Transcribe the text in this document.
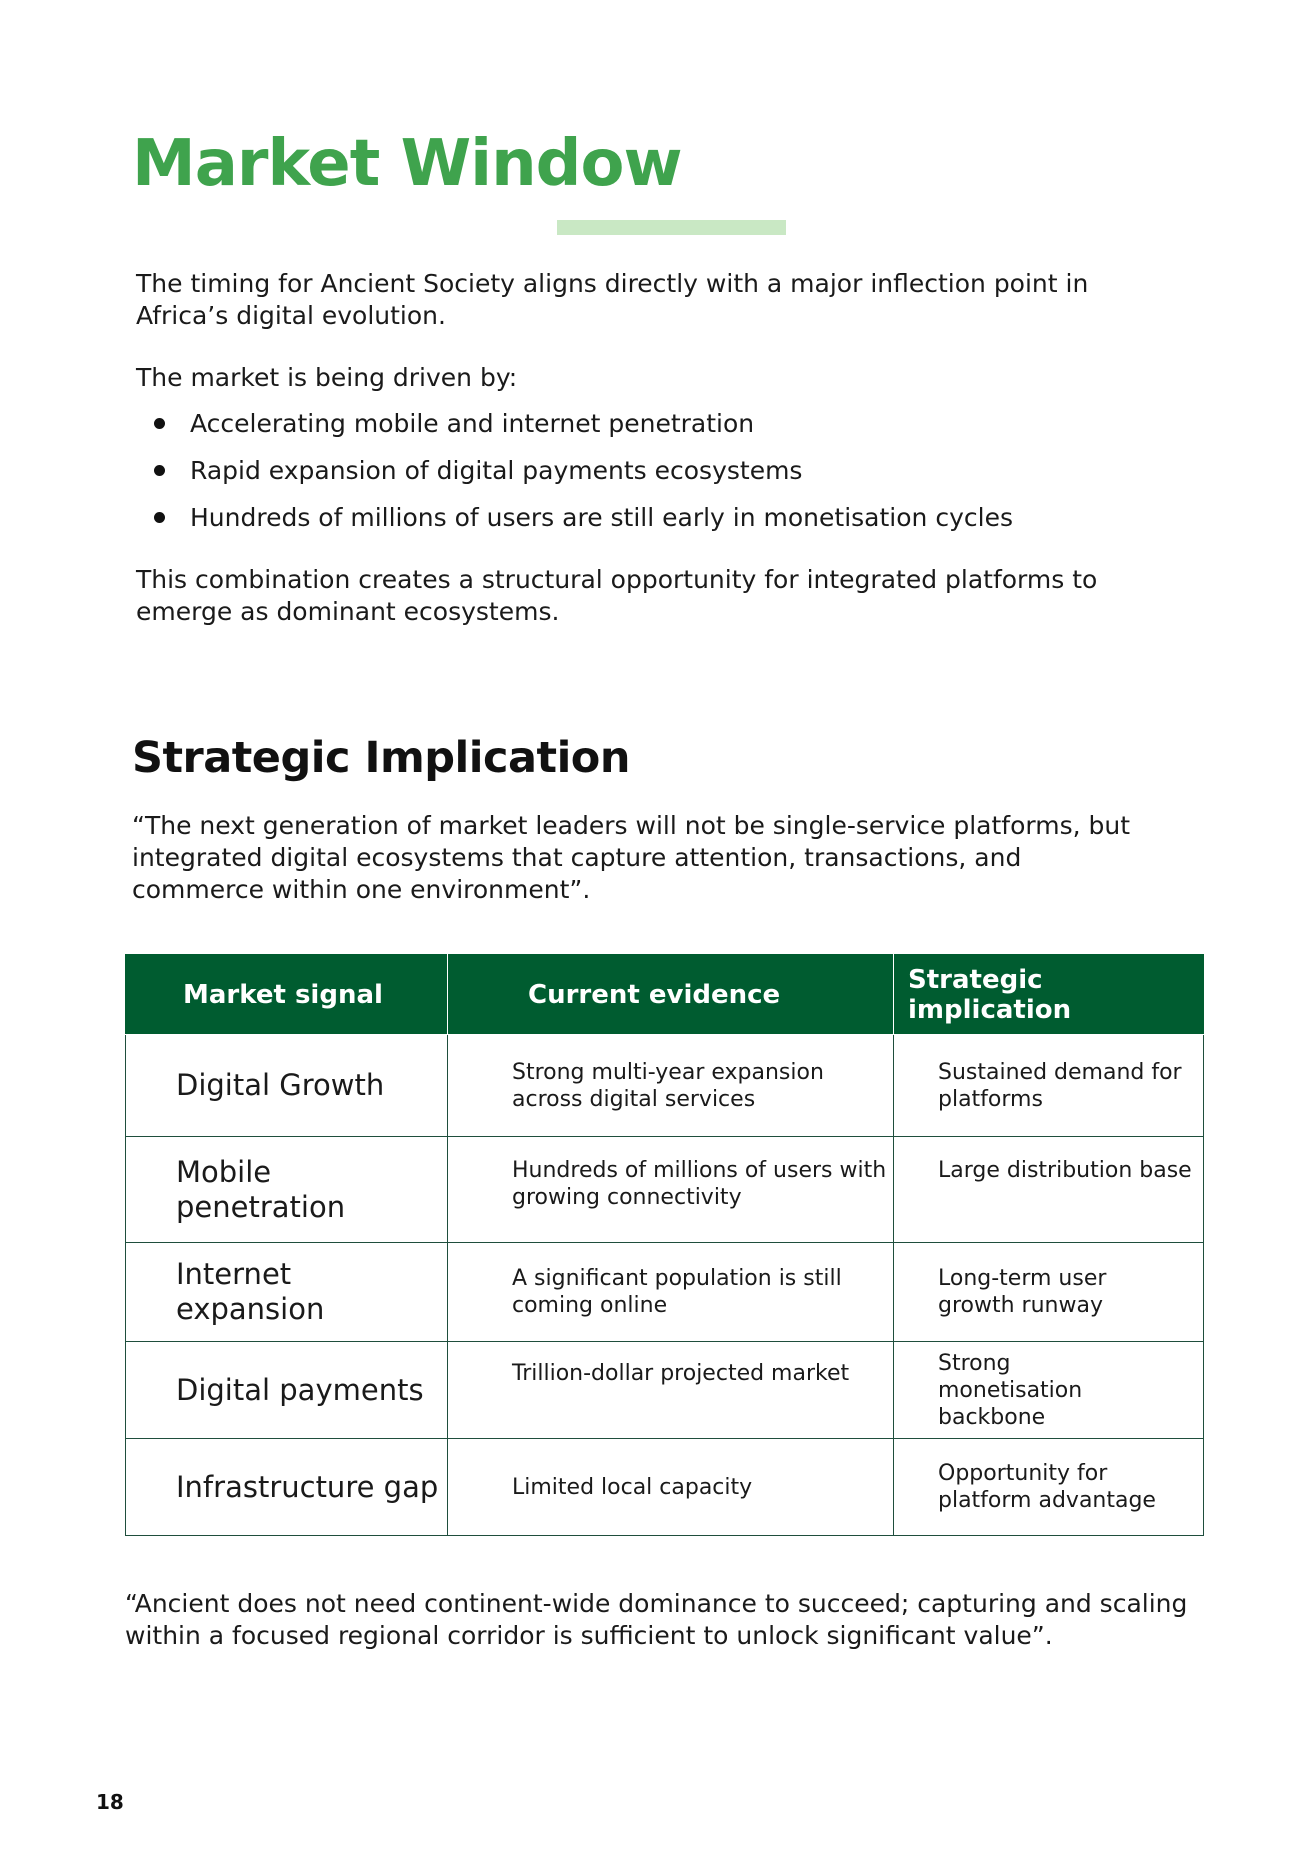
Market Window

The timing for Ancient Society aligns directly with a major inflection point in Africa’s digital evolution.

The market is being driven by:

Accelerating mobile and internet penetration
Rapid expansion of digital payments ecosystems
Hundreds of millions of users are still early in monetisation cycles

This combination creates a structural opportunity for integrated platforms to emerge as dominant ecosystems.

Strategic Implication

“The next generation of market leaders will not be single-service platforms, but integrated digital ecosystems that capture attention, transactions, and commerce within one environment”.

Market signal	Current evidence	Strategic implication
Digital Growth	Strong multi-year expansion across digital services	Sustained demand for platforms
Mobile penetration	Hundreds of millions of users with growing connectivity	Large distribution base
Internet expansion	A significant population is still coming online	Long-term user growth runway
Digital payments	Trillion-dollar projected market	Strong monetisation backbone
Infrastructure gap	Limited local capacity	Opportunity for platform advantage

“Ancient does not need continent-wide dominance to succeed; capturing and scaling within a focused regional corridor is sufficient to unlock significant value”.

18
